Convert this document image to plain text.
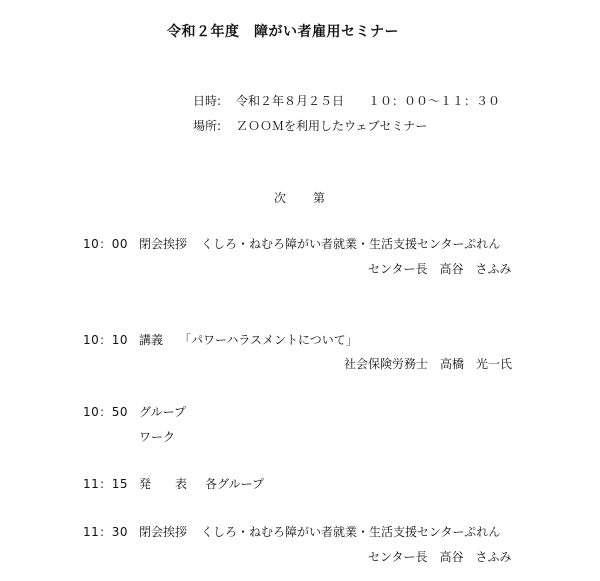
令和２年度　障がい者雇用セミナー
日時: 令和２年８月２５日　　１０：００～１１：３０
場所: ＺＯＯＭを利用したウェブセミナー
次　　第
10：00 閉会挨拶 くしろ・ねむろ障がい者就業・生活支援センターぷれん
センター長　高谷　さふみ
10：10 講義 「パワーハラスメントについて」
社会保険労務士　高橋　光一氏
10：50 グループ
ワーク
11：15 発　　表 各グループ
11：30 閉会挨拶 くしろ・ねむろ障がい者就業・生活支援センターぷれん
センター長　高谷　さふみ
